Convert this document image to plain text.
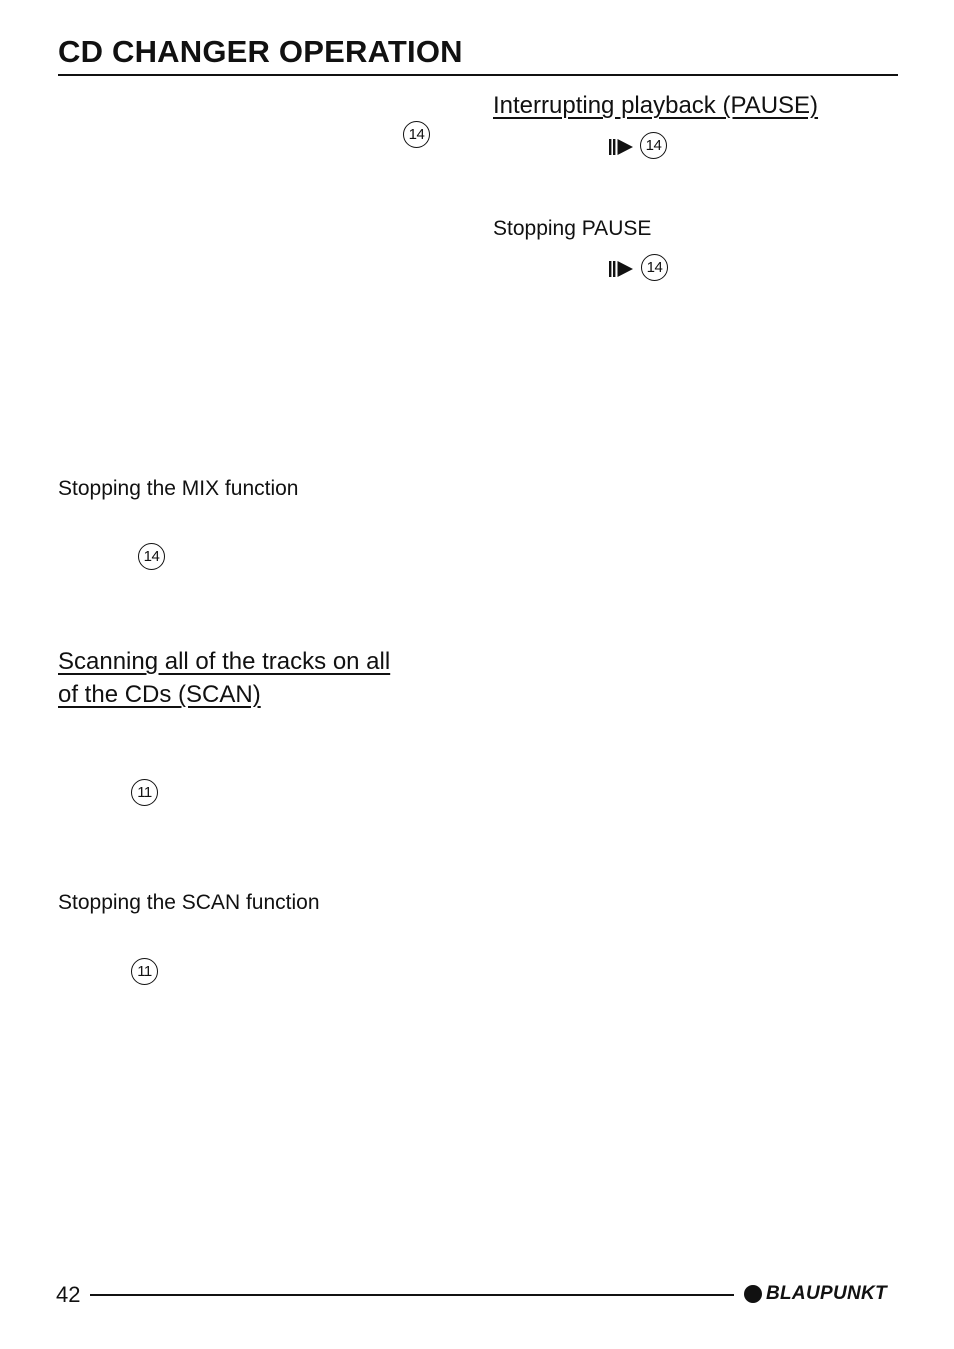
CD CHANGER OPERATION
14
Stopping the MIX function
14
Scanning all of the tracks on all
of the CDs (SCAN)
11
Stopping the SCAN function
11
Interrupting playback (PAUSE)
14
Stopping PAUSE
14
42	BLAUPUNKT
